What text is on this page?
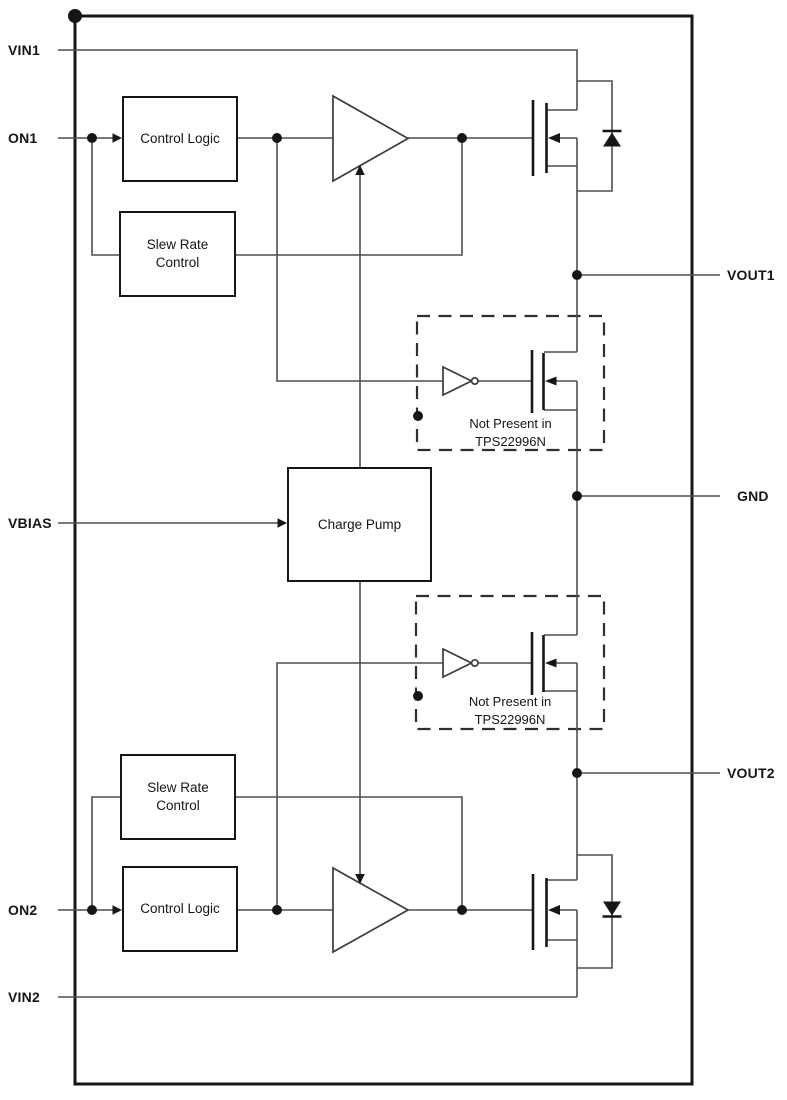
Control Logic
Slew Rate
Control
Charge Pump
Slew Rate
Control
Control Logic
Not Present in
TPS22996N
Not Present in
TPS22996N
VIN1
ON1
VBIAS
ON2
VIN2
VOUT1
GND
VOUT2
